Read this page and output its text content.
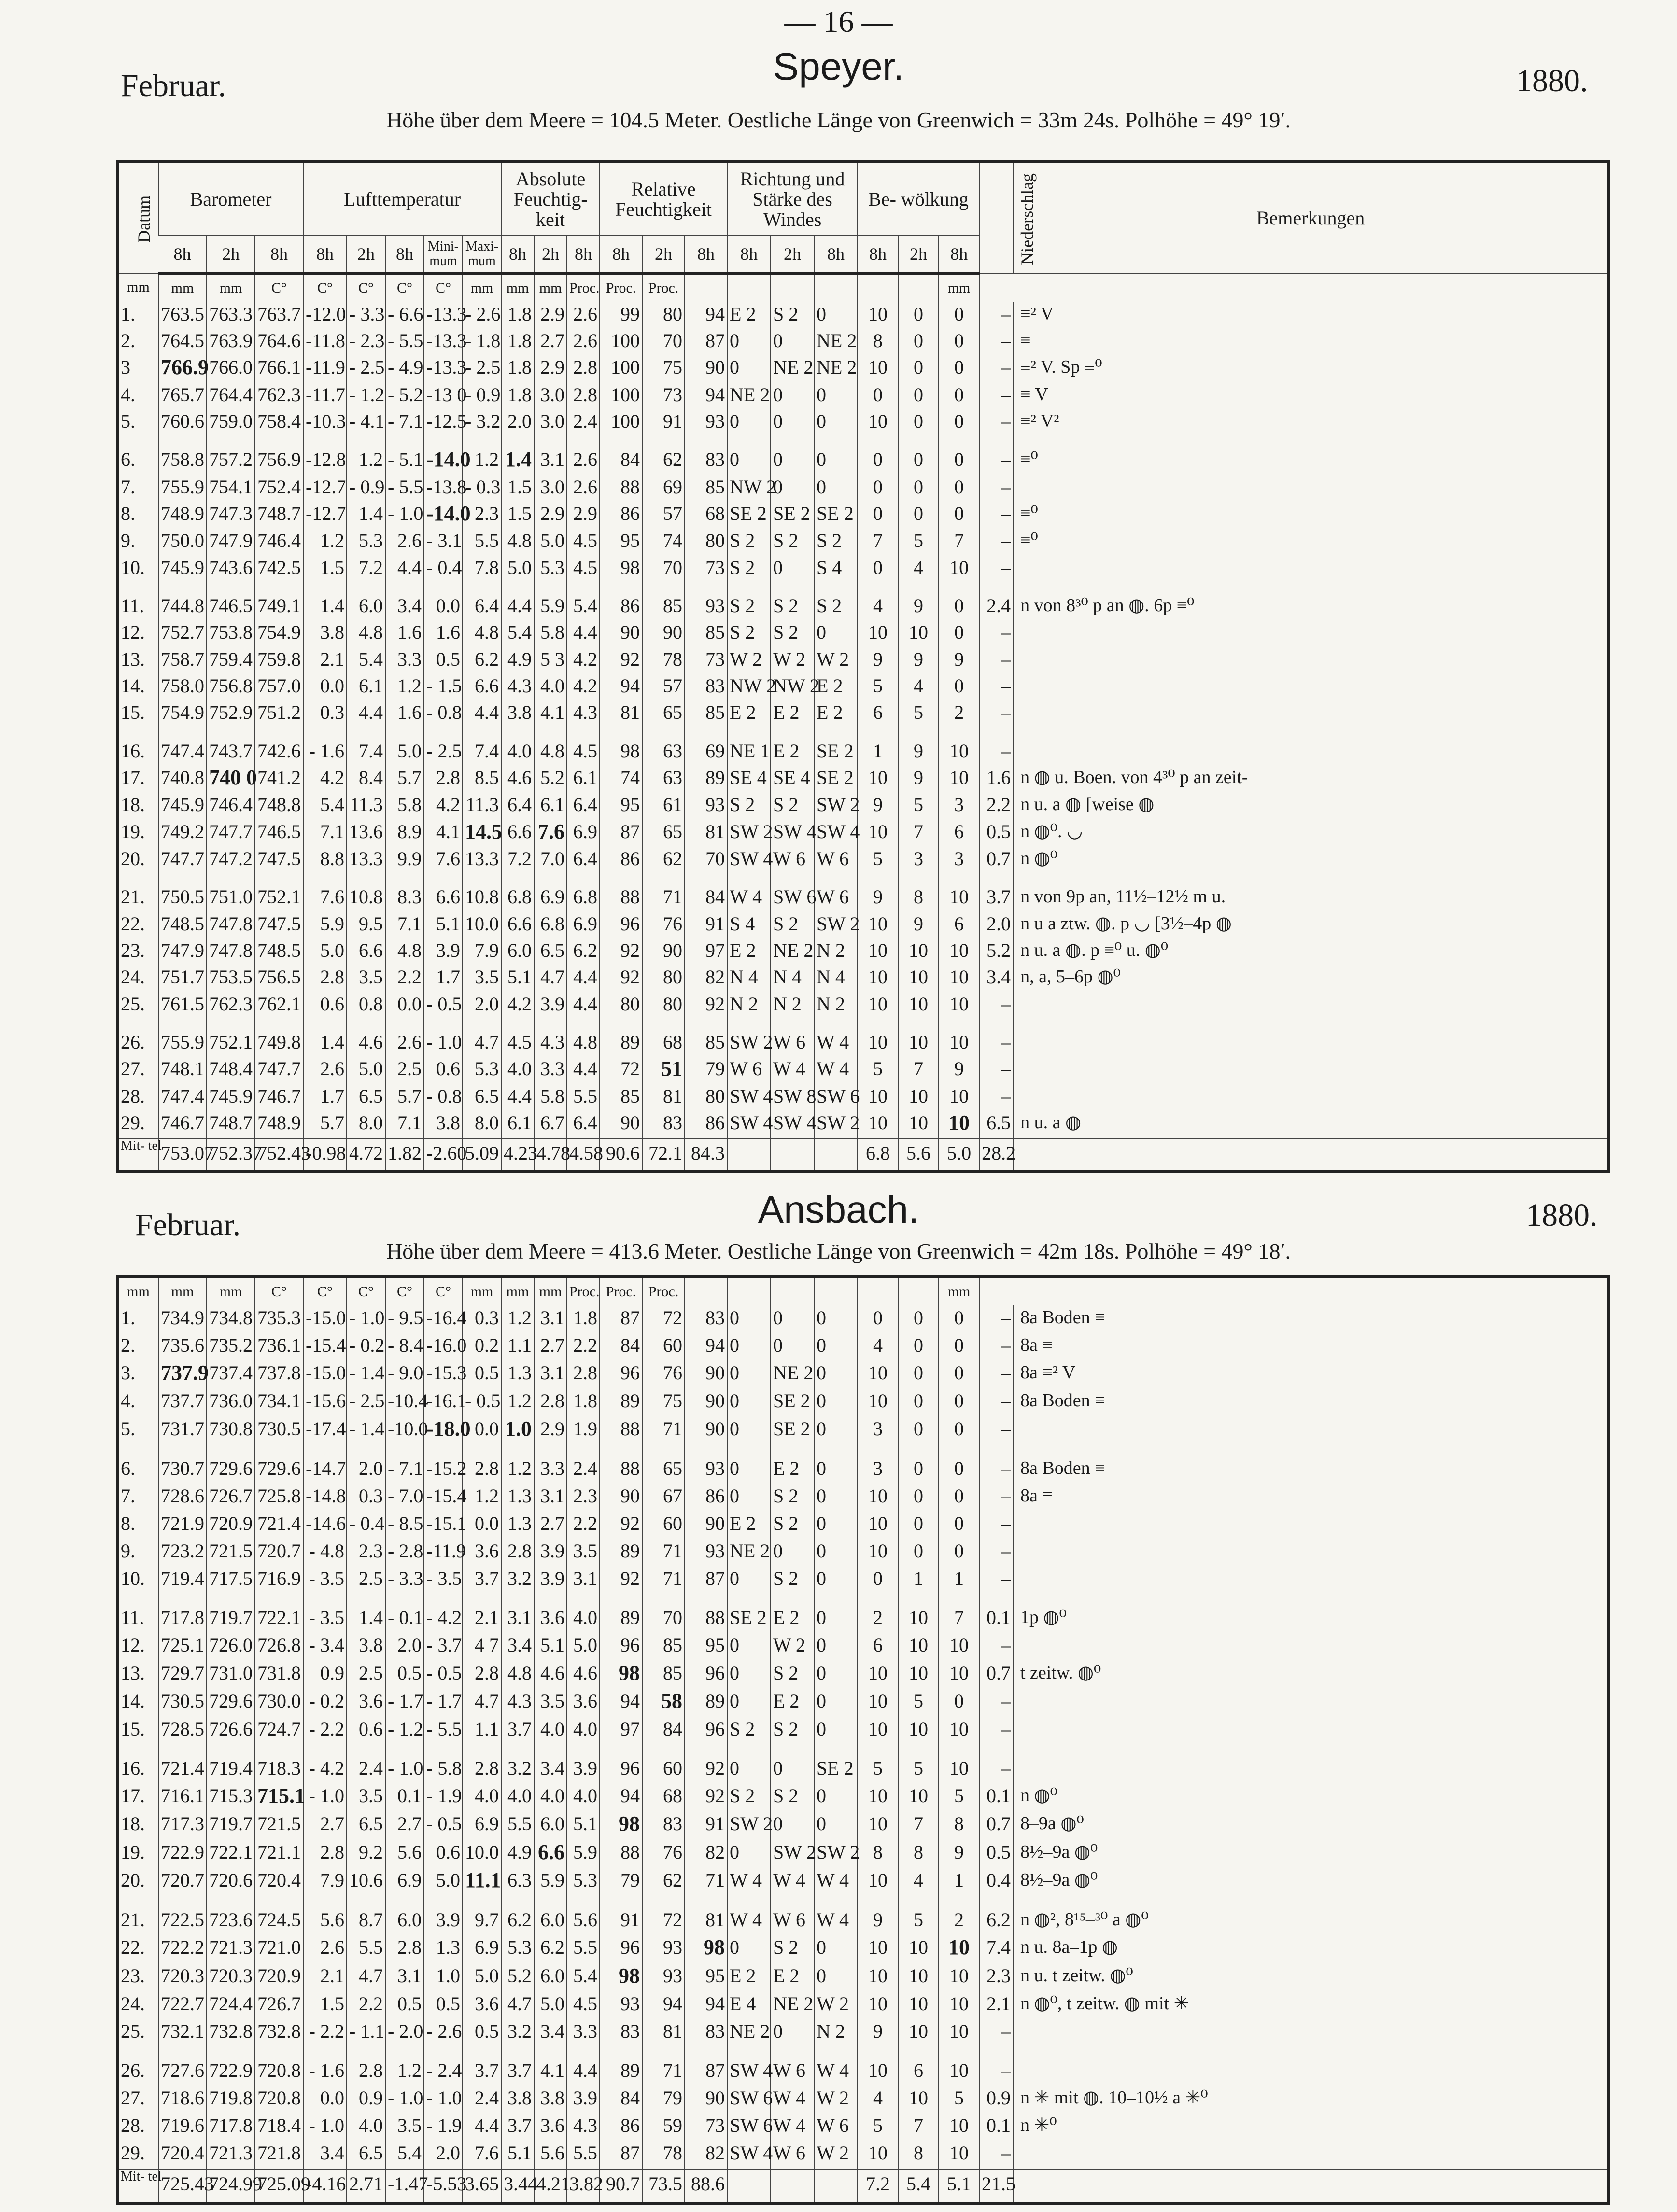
— 16 —
Februar.	Speyer.	1880.
Höhe über dem Meere = 104.5 Meter. Oestliche Länge von Greenwich = 33m 24s. Polhöhe = 49° 19′.
Datum	Barometer			Lufttemperatur					Absolute Feuchtig- keit			Relative Feuchtigkeit			Richtung und Stärke des Windes			Be- wölkung			Niederschlag	Bemerkungen
	8h	2h	8h	8h	2h	8h	Mini- mum	Maxi- mum	8h	2h	8h	8h	2h	8h	8h	2h	8h	8h	2h	8h		
mm	mm	mm	C°	C°	C°	C°	C°	mm	mm	mm	Proc.	Proc.	Proc.							mm		
1.	763.5	763.3	763.7	-12.0	- 3.3	- 6.6	-13.3	- 2.6	1.8	2.9	2.6	99	80	94	E 2	S 2	0	10	0	0	–	≡² V
2.	764.5	763.9	764.6	-11.8	- 2.3	- 5.5	-13.3	- 1.8	1.8	2.7	2.6	100	70	87	0	0	NE 2	8	0	0	–	≡
3	766.9	766.0	766.1	-11.9	- 2.5	- 4.9	-13.3	- 2.5	1.8	2.9	2.8	100	75	90	0	NE 2	NE 2	10	0	0	–	≡² V. Sp ≡⁰
4.	765.7	764.4	762.3	-11.7	- 1.2	- 5.2	-13 0	- 0.9	1.8	3.0	2.8	100	73	94	NE 2	0	0	0	0	0	–	≡ V
5.	760.6	759.0	758.4	-10.3	- 4.1	- 7.1	-12.5	- 3.2	2.0	3.0	2.4	100	91	93	0	0	0	10	0	0	–	≡² V²

6.	758.8	757.2	756.9	-12.8	1.2	- 5.1	-14.0	1.2	1.4	3.1	2.6	84	62	83	0	0	0	0	0	0	–	≡⁰
7.	755.9	754.1	752.4	-12.7	- 0.9	- 5.5	-13.8	- 0.3	1.5	3.0	2.6	88	69	85	NW 2	0	0	0	0	0	–	
8.	748.9	747.3	748.7	-12.7	1.4	- 1.0	-14.0	2.3	1.5	2.9	2.9	86	57	68	SE 2	SE 2	SE 2	0	0	0	–	≡⁰
9.	750.0	747.9	746.4	1.2	5.3	2.6	- 3.1	5.5	4.8	5.0	4.5	95	74	80	S 2	S 2	S 2	7	5	7	–	≡⁰
10.	745.9	743.6	742.5	1.5	7.2	4.4	- 0.4	7.8	5.0	5.3	4.5	98	70	73	S 2	0	S 4	0	4	10	–	

11.	744.8	746.5	749.1	1.4	6.0	3.4	0.0	6.4	4.4	5.9	5.4	86	85	93	S 2	S 2	S 2	4	9	0	2.4	n von 8³⁰ p an ◍. 6p ≡⁰
12.	752.7	753.8	754.9	3.8	4.8	1.6	1.6	4.8	5.4	5.8	4.4	90	90	85	S 2	S 2	0	10	10	0	–	
13.	758.7	759.4	759.8	2.1	5.4	3.3	0.5	6.2	4.9	5 3	4.2	92	78	73	W 2	W 2	W 2	9	9	9	–	
14.	758.0	756.8	757.0	0.0	6.1	1.2	- 1.5	6.6	4.3	4.0	4.2	94	57	83	NW 2	NW 2	E 2	5	4	0	–	
15.	754.9	752.9	751.2	0.3	4.4	1.6	- 0.8	4.4	3.8	4.1	4.3	81	65	85	E 2	E 2	E 2	6	5	2	–	

16.	747.4	743.7	742.6	- 1.6	7.4	5.0	- 2.5	7.4	4.0	4.8	4.5	98	63	69	NE 1	E 2	SE 2	1	9	10	–	
17.	740.8	740 0	741.2	4.2	8.4	5.7	2.8	8.5	4.6	5.2	6.1	74	63	89	SE 4	SE 4	SE 2	10	9	10	1.6	n ◍ u. Boen. von 4³⁰ p an zeit-
18.	745.9	746.4	748.8	5.4	11.3	5.8	4.2	11.3	6.4	6.1	6.4	95	61	93	S 2	S 2	SW 2	9	5	3	2.2	n u. a ◍ [weise ◍
19.	749.2	747.7	746.5	7.1	13.6	8.9	4.1	14.5	6.6	7.6	6.9	87	65	81	SW 2	SW 4	SW 4	10	7	6	0.5	n ◍⁰. ◡
20.	747.7	747.2	747.5	8.8	13.3	9.9	7.6	13.3	7.2	7.0	6.4	86	62	70	SW 4	W 6	W 6	5	3	3	0.7	n ◍⁰

21.	750.5	751.0	752.1	7.6	10.8	8.3	6.6	10.8	6.8	6.9	6.8	88	71	84	W 4	SW 6	W 6	9	8	10	3.7	n von 9p an, 11½–12½ m u.
22.	748.5	747.8	747.5	5.9	9.5	7.1	5.1	10.0	6.6	6.8	6.9	96	76	91	S 4	S 2	SW 2	10	9	6	2.0	n u a ztw. ◍. p ◡ [3½–4p ◍
23.	747.9	747.8	748.5	5.0	6.6	4.8	3.9	7.9	6.0	6.5	6.2	92	90	97	E 2	NE 2	N 2	10	10	10	5.2	n u. a ◍. p ≡⁰ u. ◍⁰
24.	751.7	753.5	756.5	2.8	3.5	2.2	1.7	3.5	5.1	4.7	4.4	92	80	82	N 4	N 4	N 4	10	10	10	3.4	n, a, 5–6p ◍⁰
25.	761.5	762.3	762.1	0.6	0.8	0.0	- 0.5	2.0	4.2	3.9	4.4	80	80	92	N 2	N 2	N 2	10	10	10	–	

26.	755.9	752.1	749.8	1.4	4.6	2.6	- 1.0	4.7	4.5	4.3	4.8	89	68	85	SW 2	W 6	W 4	10	10	10	–	
27.	748.1	748.4	747.7	2.6	5.0	2.5	0.6	5.3	4.0	3.3	4.4	72	51	79	W 6	W 4	W 4	5	7	9	–	
28.	747.4	745.9	746.7	1.7	6.5	5.7	- 0.8	6.5	4.4	5.8	5.5	85	81	80	SW 4	SW 8	SW 6	10	10	10	–	
29.	746.7	748.7	748.9	5.7	8.0	7.1	3.8	8.0	6.1	6.7	6.4	90	83	86	SW 4	SW 4	SW 2	10	10	10	6.5	n u. a ◍

Mit- tel	753.07	752.37	752.43	-0.98	4.72	1.82	-2.60	5.09	4.23	4.78	4.58	90.6	72.1	84.3				6.8	5.6	5.0	28.2	
Februar.	Ansbach.	1880.
Höhe über dem Meere = 413.6 Meter. Oestliche Länge von Greenwich = 42m 18s. Polhöhe = 49° 18′.
mm	mm	mm	C°	C°	C°	C°	C°	mm	mm	mm	Proc.	Proc.	Proc.							mm		
1.	734.9	734.8	735.3	-15.0	- 1.0	- 9.5	-16.4	0.3	1.2	3.1	1.8	87	72	83	0	0	0	0	0	0	–	8a Boden ≡
2.	735.6	735.2	736.1	-15.4	- 0.2	- 8.4	-16.0	0.2	1.1	2.7	2.2	84	60	94	0	0	0	4	0	0	–	8a ≡
3.	737.9	737.4	737.8	-15.0	- 1.4	- 9.0	-15.3	0.5	1.3	3.1	2.8	96	76	90	0	NE 2	0	10	0	0	–	8a ≡² V
4.	737.7	736.0	734.1	-15.6	- 2.5	-10.4	-16.1	- 0.5	1.2	2.8	1.8	89	75	90	0	SE 2	0	10	0	0	–	8a Boden ≡
5.	731.7	730.8	730.5	-17.4	- 1.4	-10.0	-18.0	0.0	1.0	2.9	1.9	88	71	90	0	SE 2	0	3	0	0	–	

6.	730.7	729.6	729.6	-14.7	2.0	- 7.1	-15.2	2.8	1.2	3.3	2.4	88	65	93	0	E 2	0	3	0	0	–	8a Boden ≡
7.	728.6	726.7	725.8	-14.8	0.3	- 7.0	-15.4	1.2	1.3	3.1	2.3	90	67	86	0	S 2	0	10	0	0	–	8a ≡
8.	721.9	720.9	721.4	-14.6	- 0.4	- 8.5	-15.1	0.0	1.3	2.7	2.2	92	60	90	E 2	S 2	0	10	0	0	–	
9.	723.2	721.5	720.7	- 4.8	2.3	- 2.8	-11.9	3.6	2.8	3.9	3.5	89	71	93	NE 2	0	0	10	0	0	–	
10.	719.4	717.5	716.9	- 3.5	2.5	- 3.3	- 3.5	3.7	3.2	3.9	3.1	92	71	87	0	S 2	0	0	1	1	–	

11.	717.8	719.7	722.1	- 3.5	1.4	- 0.1	- 4.2	2.1	3.1	3.6	4.0	89	70	88	SE 2	E 2	0	2	10	7	0.1	1p ◍⁰
12.	725.1	726.0	726.8	- 3.4	3.8	2.0	- 3.7	4 7	3.4	5.1	5.0	96	85	95	0	W 2	0	6	10	10	–	
13.	729.7	731.0	731.8	0.9	2.5	0.5	- 0.5	2.8	4.8	4.6	4.6	98	85	96	0	S 2	0	10	10	10	0.7	t zeitw. ◍⁰
14.	730.5	729.6	730.0	- 0.2	3.6	- 1.7	- 1.7	4.7	4.3	3.5	3.6	94	58	89	0	E 2	0	10	5	0	–	
15.	728.5	726.6	724.7	- 2.2	0.6	- 1.2	- 5.5	1.1	3.7	4.0	4.0	97	84	96	S 2	S 2	0	10	10	10	–	

16.	721.4	719.4	718.3	- 4.2	2.4	- 1.0	- 5.8	2.8	3.2	3.4	3.9	96	60	92	0	0	SE 2	5	5	10	–	
17.	716.1	715.3	715.1	- 1.0	3.5	0.1	- 1.9	4.0	4.0	4.0	4.0	94	68	92	S 2	S 2	0	10	10	5	0.1	n ◍⁰
18.	717.3	719.7	721.5	2.7	6.5	2.7	- 0.5	6.9	5.5	6.0	5.1	98	83	91	SW 2	0	0	10	7	8	0.7	8–9a ◍⁰
19.	722.9	722.1	721.1	2.8	9.2	5.6	0.6	10.0	4.9	6.6	5.9	88	76	82	0	SW 2	SW 2	8	8	9	0.5	8½–9a ◍⁰
20.	720.7	720.6	720.4	7.9	10.6	6.9	5.0	11.1	6.3	5.9	5.3	79	62	71	W 4	W 4	W 4	10	4	1	0.4	8½–9a ◍⁰

21.	722.5	723.6	724.5	5.6	8.7	6.0	3.9	9.7	6.2	6.0	5.6	91	72	81	W 4	W 6	W 4	9	5	2	6.2	n ◍², 8¹⁵–³⁰ a ◍⁰
22.	722.2	721.3	721.0	2.6	5.5	2.8	1.3	6.9	5.3	6.2	5.5	96	93	98	0	S 2	0	10	10	10	7.4	n u. 8a–1p ◍
23.	720.3	720.3	720.9	2.1	4.7	3.1	1.0	5.0	5.2	6.0	5.4	98	93	95	E 2	E 2	0	10	10	10	2.3	n u. t zeitw. ◍⁰
24.	722.7	724.4	726.7	1.5	2.2	0.5	0.5	3.6	4.7	5.0	4.5	93	94	94	E 4	NE 2	W 2	10	10	10	2.1	n ◍⁰, t zeitw. ◍ mit ✳
25.	732.1	732.8	732.8	- 2.2	- 1.1	- 2.0	- 2.6	0.5	3.2	3.4	3.3	83	81	83	NE 2	0	N 2	9	10	10	–	

26.	727.6	722.9	720.8	- 1.6	2.8	1.2	- 2.4	3.7	3.7	4.1	4.4	89	71	87	SW 4	W 6	W 4	10	6	10	–	
27.	718.6	719.8	720.8	0.0	0.9	- 1.0	- 1.0	2.4	3.8	3.8	3.9	84	79	90	SW 6	W 4	W 2	4	10	5	0.9	n ✳ mit ◍. 10–10½ a ✳⁰
28.	719.6	717.8	718.4	- 1.0	4.0	3.5	- 1.9	4.4	3.7	3.6	4.3	86	59	73	SW 6	W 4	W 6	5	7	10	0.1	n ✳⁰
29.	720.4	721.3	721.8	3.4	6.5	5.4	2.0	7.6	5.1	5.6	5.5	87	78	82	SW 4	W 6	W 2	10	8	10	–	

Mit- tel	725.43	724.99	725.09	-4.16	2.71	-1.47	-5.53	3.65	3.44	4.21	3.82	90.7	73.5	88.6				7.2	5.4	5.1	21.5	
